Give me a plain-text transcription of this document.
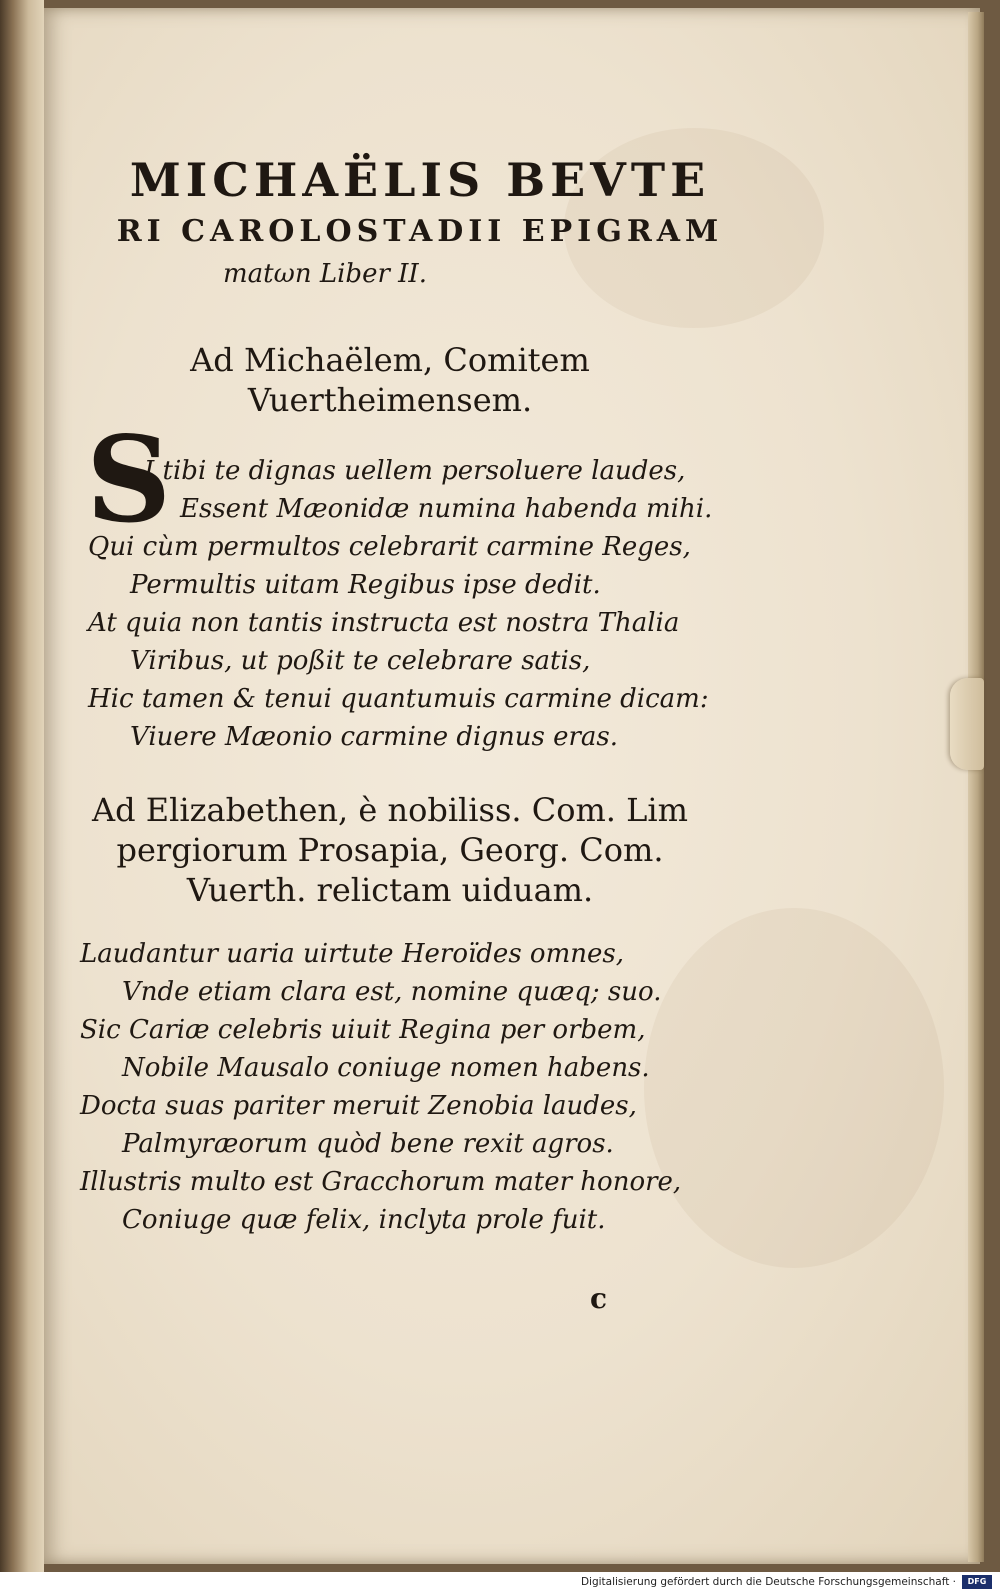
MICHAËLIS BEVTE
RI CAROLOSTADII EPIGRAM
matωn Liber II.
Ad Michaëlem, Comitem
Vuertheimensem.
S
I tibi te dignas uellem persoluere laudes,
Essent Mæonidæ numina habenda mihi.
Qui cùm permultos celebrarit carmine Reges,
Permultis uitam Regibus ipse dedit.
At quia non tantis instructa est nostra Thalia
Viribus, ut poßit te celebrare satis,
Hic tamen & tenui quantumuis carmine dicam:
Viuere Mæonio carmine dignus eras.
Ad Elizabethen, è nobiliss. Com. Lim
pergiorum Prosapia, Georg. Com.
Vuerth. relictam uiduam.
Laudantur uaria uirtute Heroïdes omnes,
Vnde etiam clara est, nomine quæq; suo.
Sic Cariæ celebris uiuit Regina per orbem,
Nobile Mausalo coniuge nomen habens.
Docta suas pariter meruit Zenobia laudes,
Palmyræorum quòd bene rexit agros.
Illustris multo est Gracchorum mater honore,
Coniuge quæ felix, inclyta prole fuit.
c
Digitalisierung gefördert durch die Deutsche Forschungsgemeinschaft ·	DFG
